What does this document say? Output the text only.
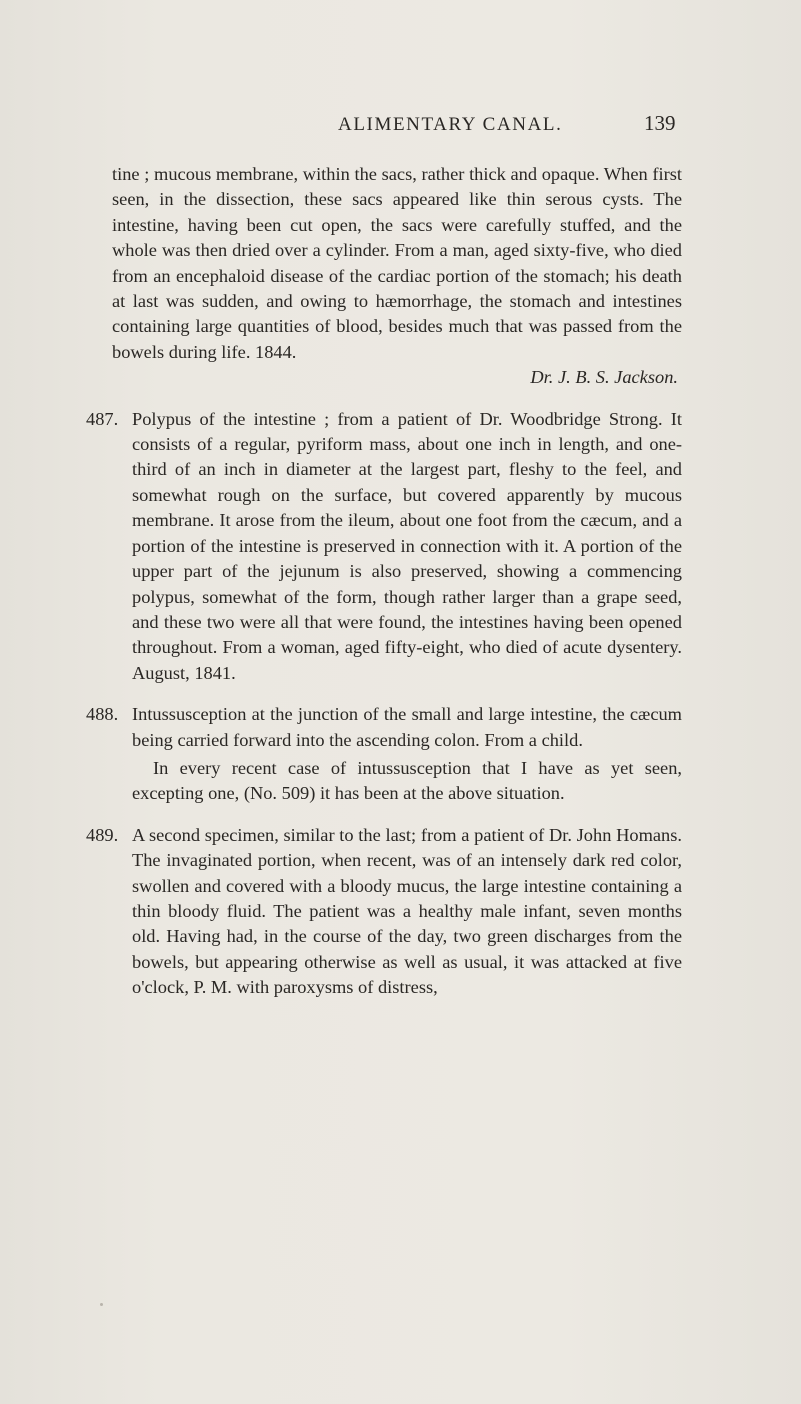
ALIMENTARY CANAL.	139

tine ; mucous membrane, within the sacs, rather thick and opaque. When first seen, in the dissection, these sacs appeared like thin serous cysts. The intestine, having been cut open, the sacs were carefully stuffed, and the whole was then dried over a cylinder. From a man, aged sixty-five, who died from an encephaloid disease of the cardiac portion of the stomach; his death at last was sudden, and owing to hæmorrhage, the stomach and intestines containing large quantities of blood, besides much that was passed from the bowels during life. 1844.

Dr. J. B. S. Jackson.

487. Polypus of the intestine ; from a patient of Dr. Woodbridge Strong. It consists of a regular, pyriform mass, about one inch in length, and one-third of an inch in diameter at the largest part, fleshy to the feel, and somewhat rough on the surface, but covered apparently by mucous membrane. It arose from the ileum, about one foot from the cæcum, and a portion of the intestine is preserved in connection with it. A portion of the upper part of the jejunum is also preserved, showing a commencing polypus, somewhat of the form, though rather larger than a grape seed, and these two were all that were found, the intestines having been opened throughout. From a woman, aged fifty-eight, who died of acute dysentery. August, 1841.

488. Intussusception at the junction of the small and large intestine, the cæcum being carried forward into the ascending colon. From a child.

In every recent case of intussusception that I have as yet seen, excepting one, (No. 509) it has been at the above situation.

489. A second specimen, similar to the last; from a patient of Dr. John Homans. The invaginated portion, when recent, was of an intensely dark red color, swollen and covered with a bloody mucus, the large intestine containing a thin bloody fluid. The patient was a healthy male infant, seven months old. Having had, in the course of the day, two green discharges from the bowels, but appearing otherwise as well as usual, it was attacked at five o'clock, P. M. with paroxysms of distress,
